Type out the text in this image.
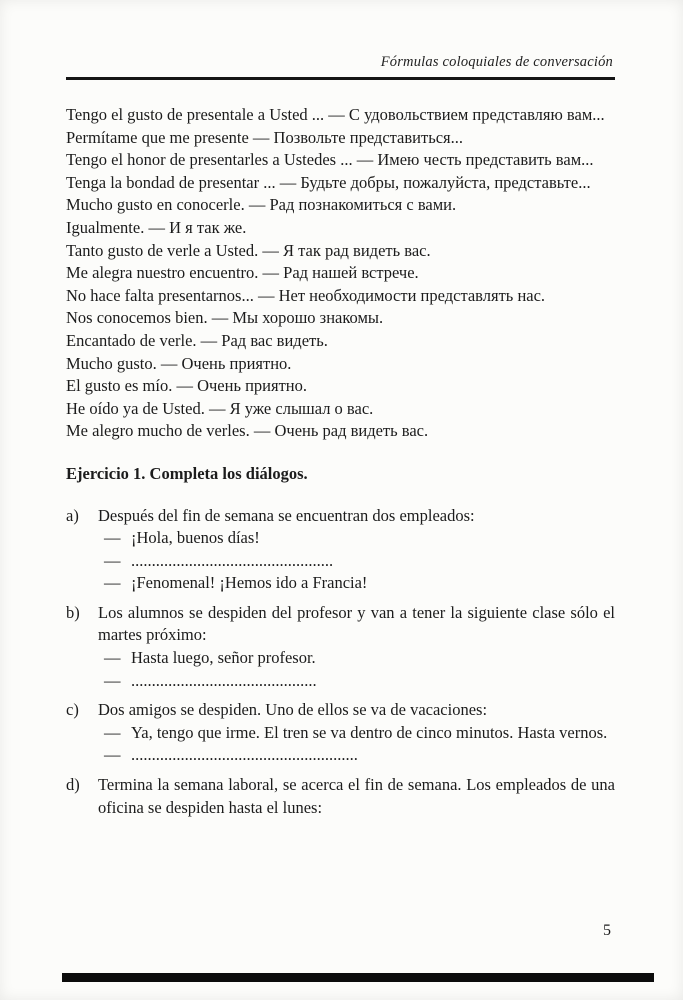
Fórmulas coloquiales de conversación

Tengo el gusto de presentale a Usted ... — С удовольствием представляю вам...

Permítame que me presente — Позвольте представиться...

Tengo el honor de presentarles a Ustedes ... — Имею честь представить вам...

Tenga la bondad de presentar ... — Будьте добры, пожалуйста, представьте...

Mucho gusto en conocerle. — Рад познакомиться с вами.

Igualmente. — И я так же.

Tanto gusto de verle a Usted. — Я так рад видеть вас.

Me alegra nuestro encuentro. — Рад нашей встрече.

No hace falta presentarnos... — Нет необходимости представлять нас.

Nos conocemos bien. — Мы хорошо знакомы.

Encantado de verle. — Рад вас видеть.

Mucho gusto. — Очень приятно.

El gusto es mío. — Очень приятно.

He oído ya de Usted. — Я уже слышал о вас.

Me alegro mucho de verles. — Очень рад видеть вас.

Ejercicio 1. Completa los diálogos.
a)	Después del fin de semana se encuentran dos empleados:

— ¡Hola, buenos días!
— .................................................
— ¡Fenomenal! ¡Hemos ido a Francia!
b)	Los alumnos se despiden del profesor y van a tener la siguiente clase sólo el martes próximo:

— Hasta luego, señor profesor.
— .............................................
c)	Dos amigos se despiden. Uno de ellos se va de vacaciones:

— Ya, tengo que irme. El tren se va dentro de cinco minutos. Hasta vernos.
— .......................................................
d)	Termina la semana laboral, se acerca el fin de semana. Los empleados de una oficina se despiden hasta el lunes:

5
